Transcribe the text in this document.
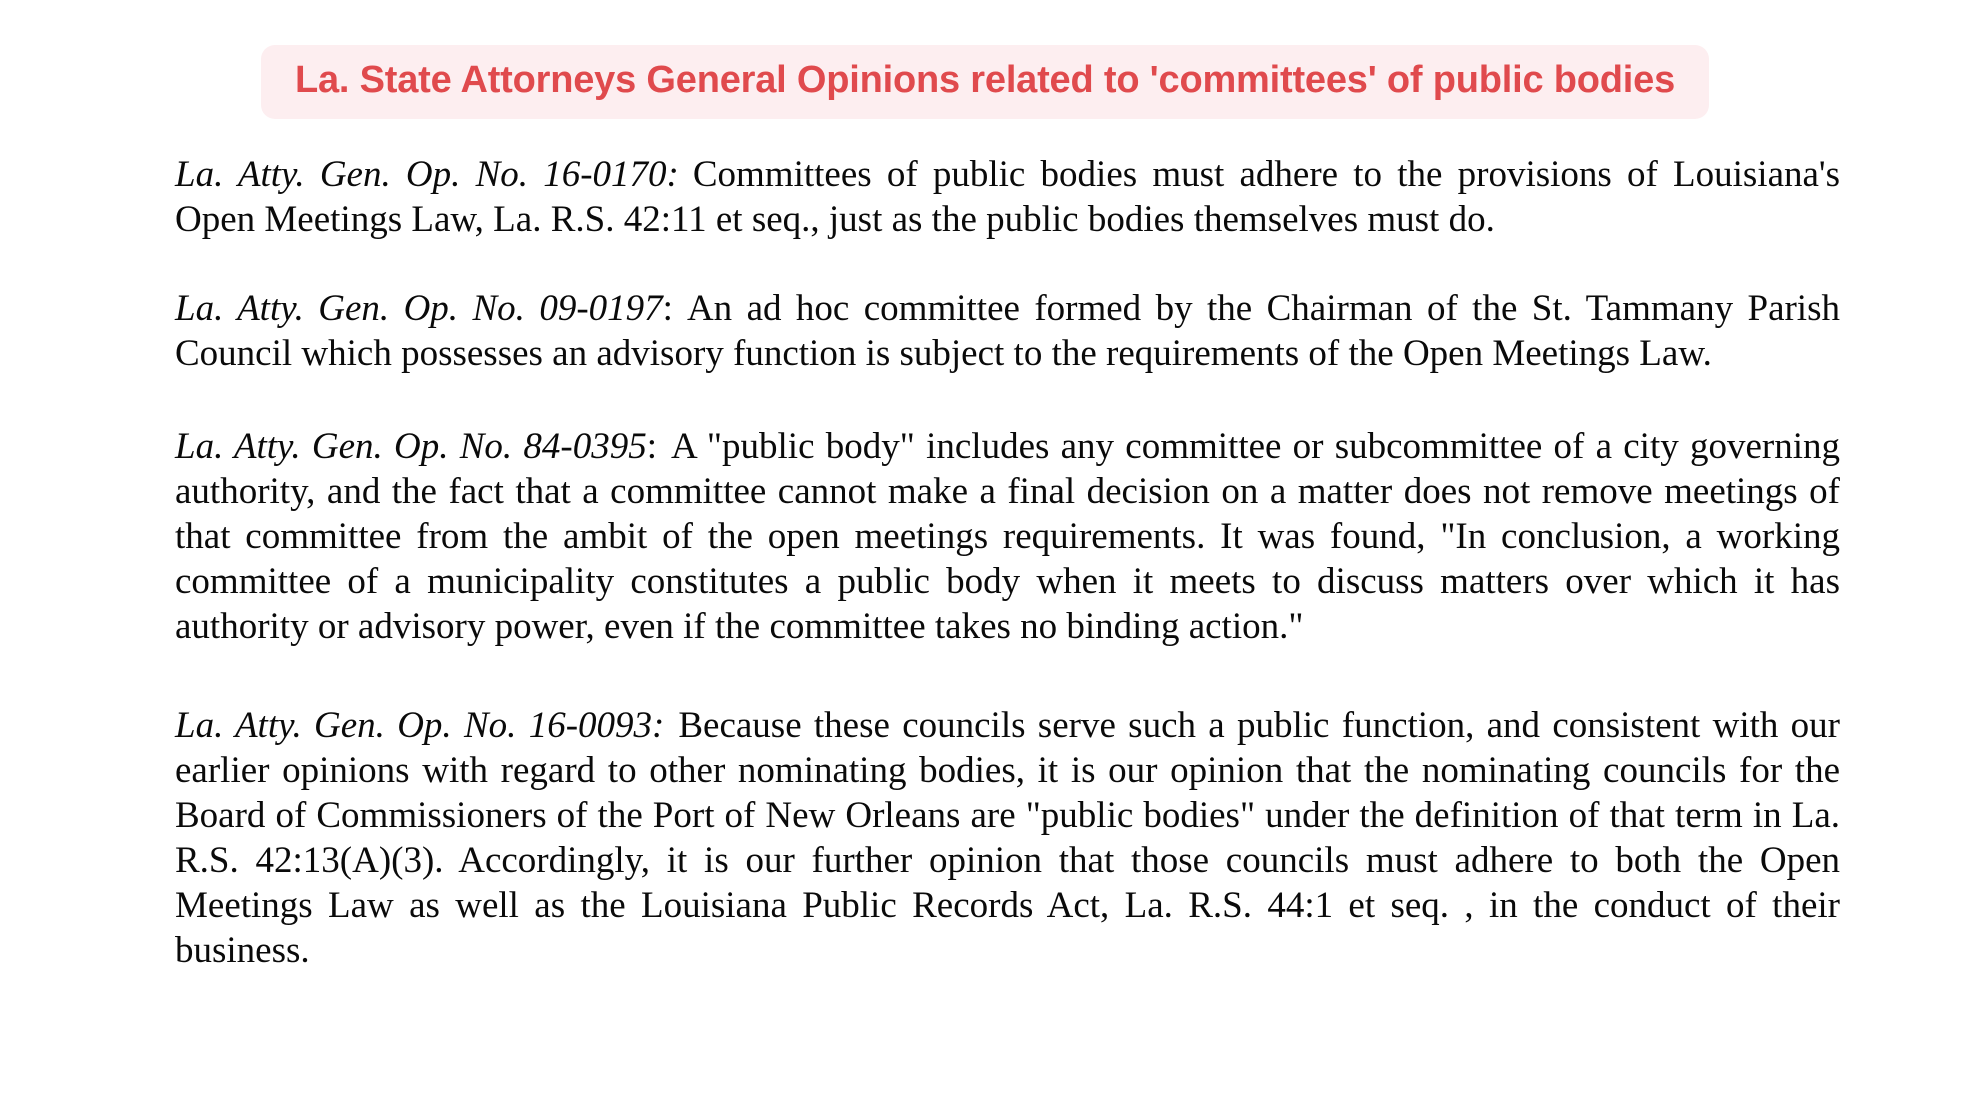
La. State Attorneys General Opinions related to 'committees' of public bodies

La. Atty. Gen. Op. No. 16-0170: Committees of public bodies must adhere to the provisions of Louisiana's Open Meetings Law, La. R.S. 42:11 et seq., just as the public bodies themselves must do.

La. Atty. Gen. Op. No. 09-0197: An ad hoc committee formed by the Chairman of the St. Tammany Parish Council which possesses an advisory function is subject to the requirements of the Open Meetings Law.

La. Atty. Gen. Op. No. 84-0395: A "public body" includes any committee or subcommittee of a city governing authority, and the fact that a committee cannot make a final decision on a matter does not remove meetings of that committee from the ambit of the open meetings requirements. It was found, "In conclusion, a working committee of a municipality constitutes a public body when it meets to discuss matters over which it has authority or advisory power, even if the committee takes no binding action."

La. Atty. Gen. Op. No. 16-0093: Because these councils serve such a public function, and consistent with our earlier opinions with regard to other nominating bodies, it is our opinion that the nominating councils for the Board of Commissioners of the Port of New Orleans are "public bodies" under the definition of that term in La. R.S. 42:13(A)(3). Accordingly, it is our further opinion that those councils must adhere to both the Open Meetings Law as well as the Louisiana Public Records Act, La. R.S. 44:1 et seq. , in the conduct of their business.
